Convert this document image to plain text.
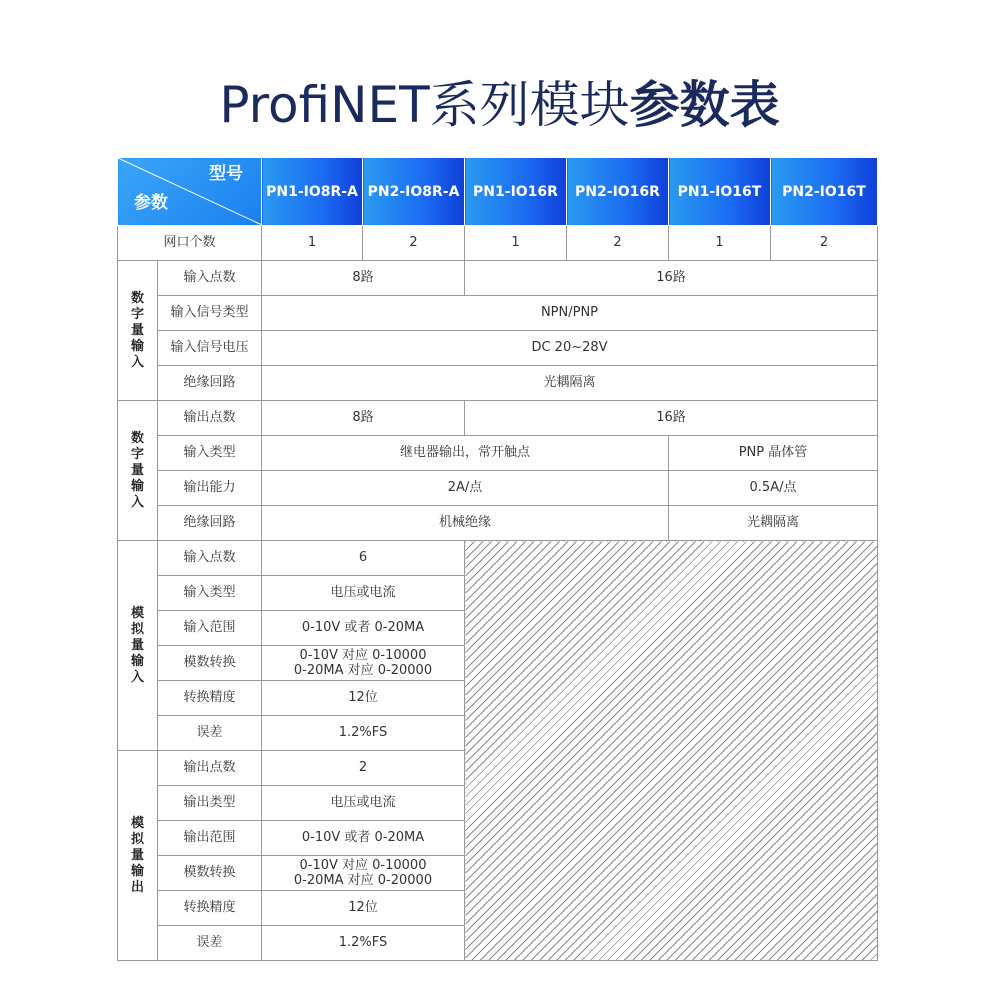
ProfiNET系列模块参数表
型号
参数		PN1-IO8R-A	PN2-IO8R-A	PN1-IO16R	PN2-IO16R	PN1-IO16T	PN2-IO16T
网口个数		1	2	1	2	1	2

数
字
量
输
入	输入点数	8路		16路			
	输入信号类型	NPN/PNP					
	输入信号电压	DC 20~28V					
	绝缘回路	光耦隔离					

数
字
量
输
入	输出点数	8路		16路			
	输入类型	继电器输出，常开触点				PNP 晶体管	
	输出能力	2A/点				0.5A/点	
	绝缘回路	机械绝缘				光耦隔离	

模
拟
量
输
入	输入点数	6					
	输入类型	电压或电流					
	输入范围	0-10V 或者 0-20MA					
	模数转换	0-10V 对应 0-10000
0-20MA 对应 0-20000					

	转换精度	12位					
	误差	1.2%FS					

模
拟
量
输
出	输出点数	2					
	输出类型	电压或电流					
	输出范围	0-10V 或者 0-20MA					
	模数转换	0-10V 对应 0-10000
0-20MA 对应 0-20000					

	转换精度	12位					
	误差	1.2%FS					
